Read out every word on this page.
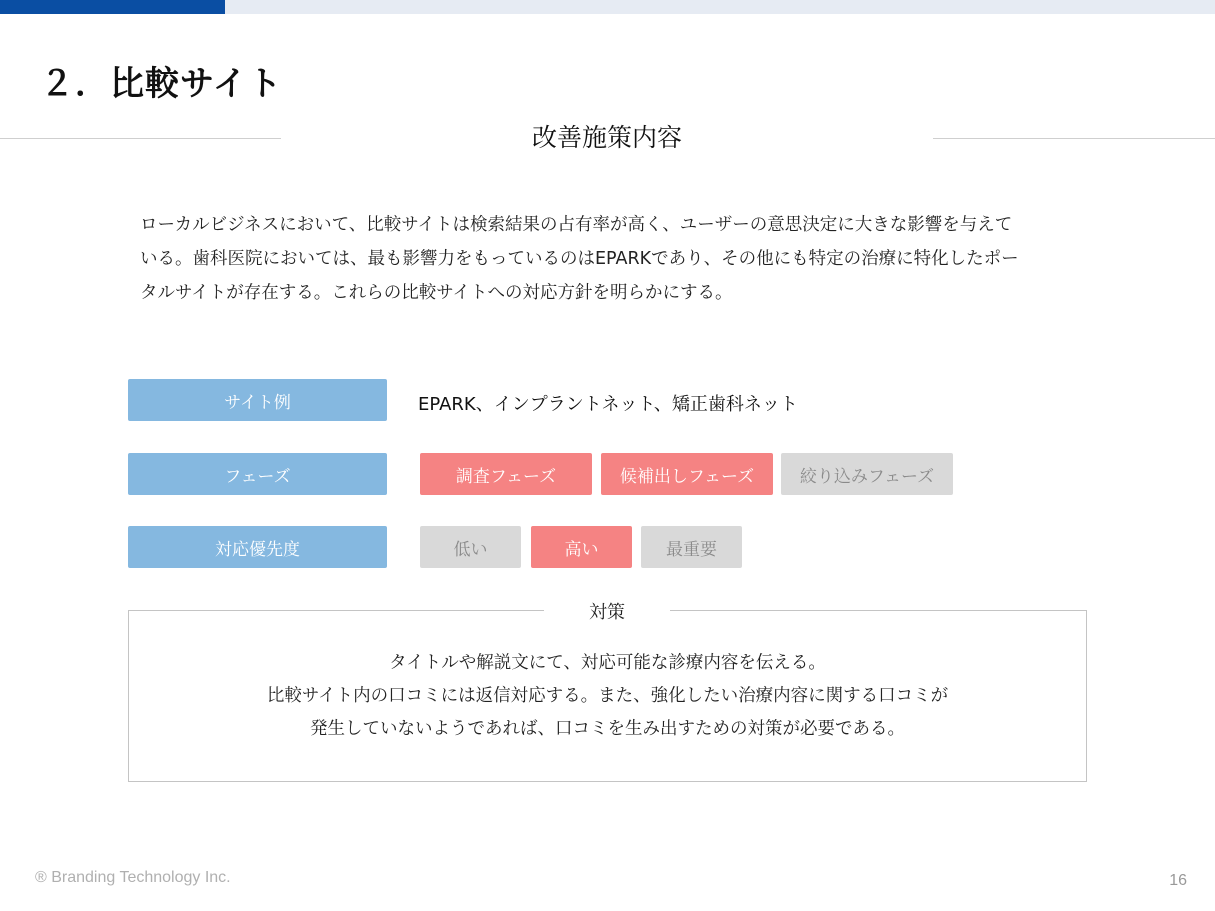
２．比較サイト
改善施策内容
ローカルビジネスにおいて、比較サイトは検索結果の占有率が高く、ユーザーの意思決定に大きな影響を与えて
いる。歯科医院においては、最も影響力をもっているのはEPARKであり、その他にも特定の治療に特化したポー
タルサイトが存在する。これらの比較サイトへの対応方針を明らかにする。
サイト例	EPARK、インプラントネット、矯正歯科ネット
フェーズ	調査フェーズ	候補出しフェーズ	絞り込みフェーズ
対応優先度	低い	高い	最重要
対策
タイトルや解説文にて、対応可能な診療内容を伝える。
比較サイト内の口コミには返信対応する。また、強化したい治療内容に関する口コミが
発生していないようであれば、口コミを生み出すための対策が必要である。
® Branding Technology Inc.	16
